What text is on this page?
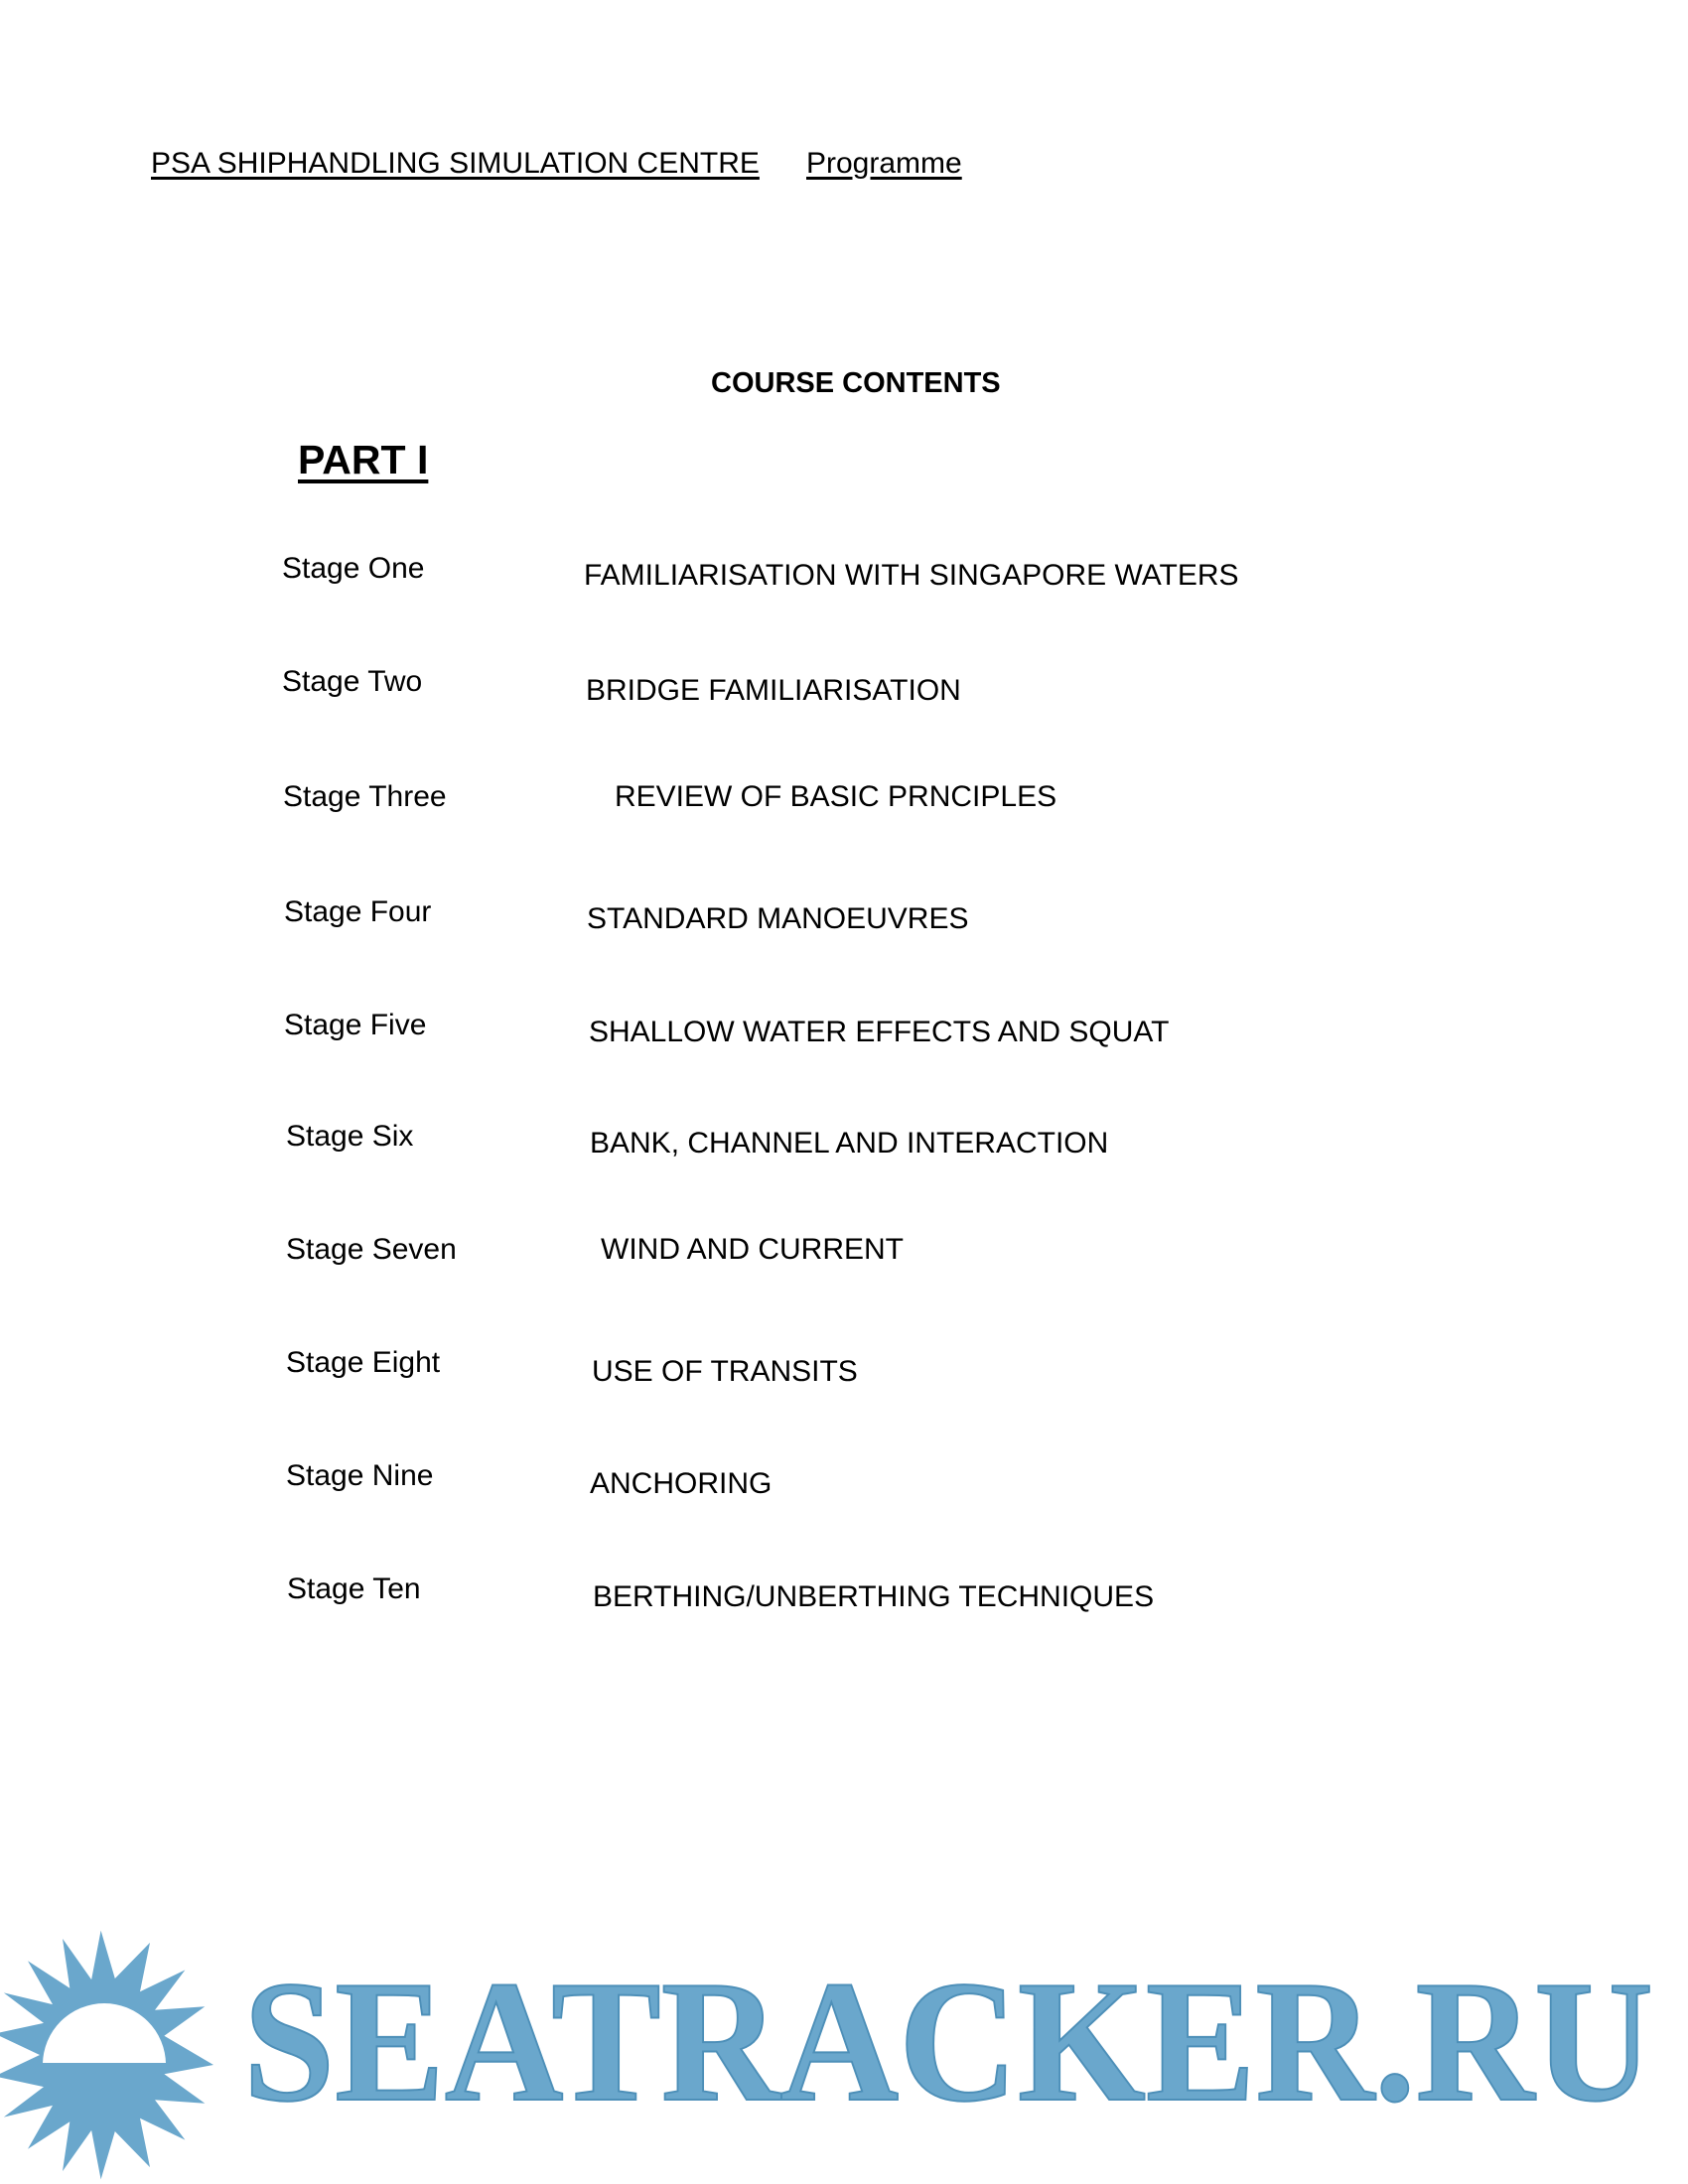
PSA SHIPHANDLING SIMULATION CENTRE Programme
COURSE CONTENTS
PART I
Stage One	FAMILIARISATION WITH SINGAPORE WATERS
Stage Two	BRIDGE FAMILIARISATION
Stage Three	REVIEW OF BASIC PRNCIPLES
Stage Four	STANDARD MANOEUVRES
Stage Five	SHALLOW WATER EFFECTS AND SQUAT
Stage Six	BANK, CHANNEL AND INTERACTION
Stage Seven	WIND AND CURRENT
Stage Eight	USE OF TRANSITS
Stage Nine	ANCHORING
Stage Ten	BERTHING/UNBERTHING TECHNIQUES
SEATRACKER.RU
